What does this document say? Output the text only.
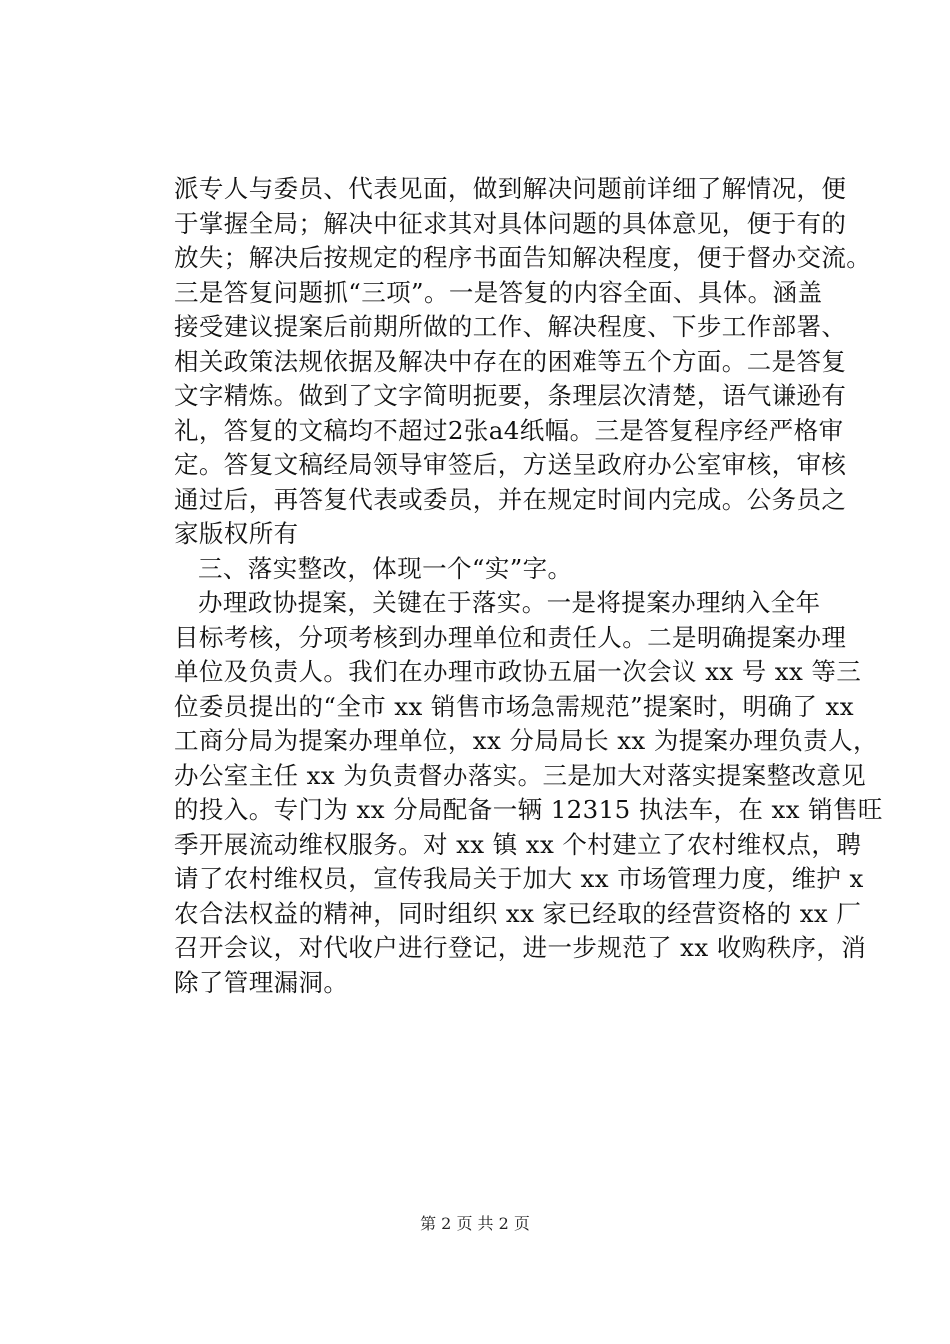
派专人与委员、代表见面，做到解决问题前详细了解情况，便
于掌握全局；解决中征求其对具体问题的具体意见，便于有的
放失；解决后按规定的程序书面告知解决程度，便于督办交流。
三是答复问题抓“三项”。一是答复的内容全面、具体。涵盖
接受建议提案后前期所做的工作、解决程度、下步工作部署、
相关政策法规依据及解决中存在的困难等五个方面。二是答复
文字精炼。做到了文字简明扼要，条理层次清楚，语气谦逊有
礼，答复的文稿均不超过2张a4纸幅。三是答复程序经严格审
定。答复文稿经局领导审签后，方送呈政府办公室审核，审核
通过后，再答复代表或委员，并在规定时间内完成。公务员之
家版权所有
三、落实整改，体现一个“实”字。
办理政协提案，关键在于落实。一是将提案办理纳入全年
目标考核，分项考核到办理单位和责任人。二是明确提案办理
单位及负责人。我们在办理市政协五届一次会议 xx 号 xx 等三
位委员提出的“全市 xx 销售市场急需规范”提案时，明确了 xx
工商分局为提案办理单位，xx 分局局长 xx 为提案办理负责人，
办公室主任 xx 为负责督办落实。三是加大对落实提案整改意见
的投入。专门为 xx 分局配备一辆 12315 执法车，在 xx 销售旺
季开展流动维权服务。对 xx 镇 xx 个村建立了农村维权点，聘
请了农村维权员，宣传我局关于加大 xx 市场管理力度，维护 x
农合法权益的精神，同时组织 xx 家已经取的经营资格的 xx 厂
召开会议，对代收户进行登记，进一步规范了 xx 收购秩序，消
除了管理漏洞。
第 2 页 共 2 页
